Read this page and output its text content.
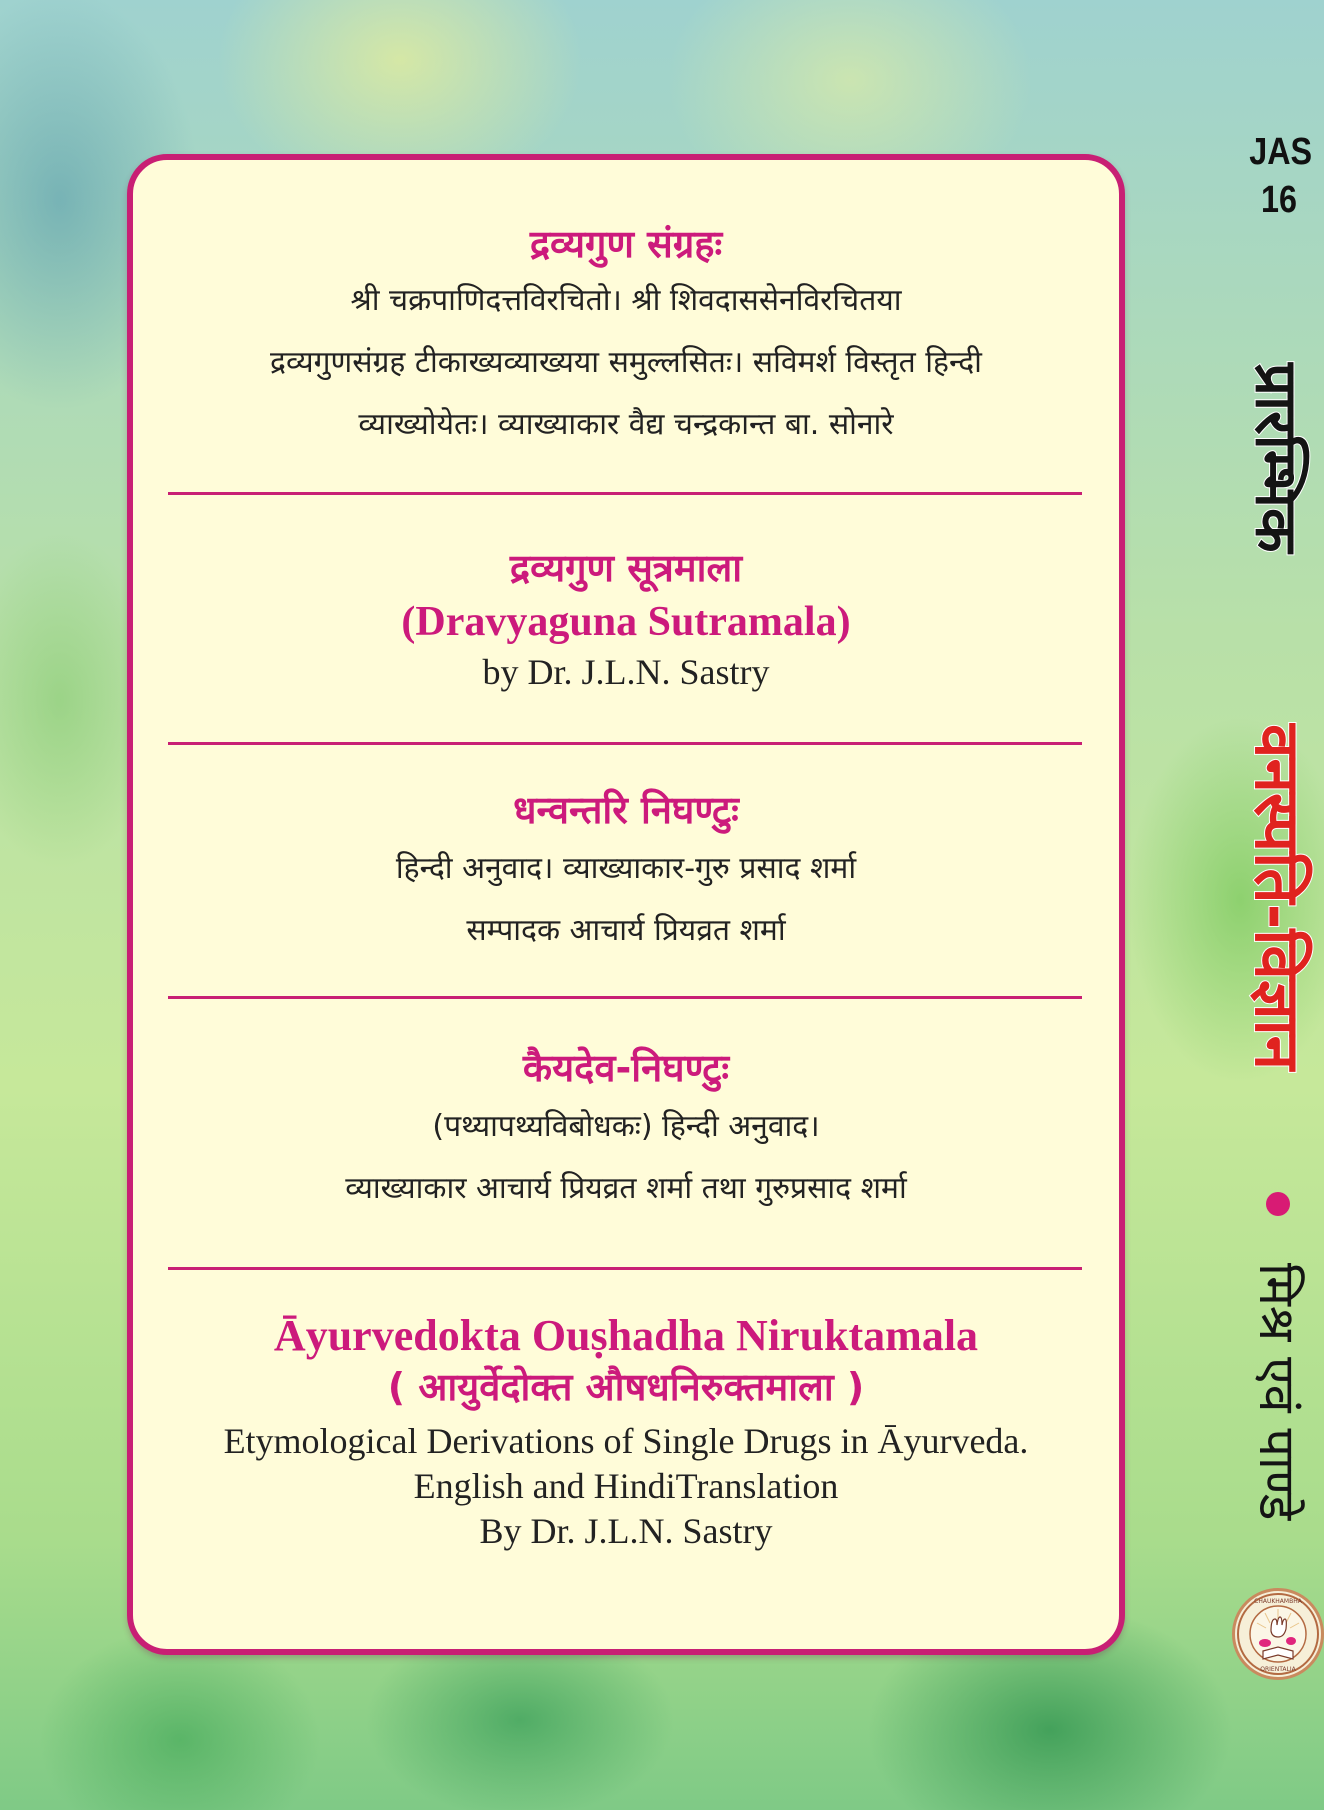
JAS
16
द्रव्यगुण संग्रहः
श्री चक्रपाणिदत्तविरचितो। श्री शिवदाससेनविरचितया
द्रव्यगुणसंग्रह टीकाख्यव्याख्यया समुल्लसितः। सविमर्श विस्तृत हिन्दी
व्याख्योयेतः। व्याख्याकार वैद्य चन्द्रकान्त बा. सोनारे
द्रव्यगुण सूत्रमाला
(Dravyaguna Sutramala)
by Dr. J.L.N. Sastry
धन्वन्तरि निघण्टुः
हिन्दी अनुवाद। व्याख्याकार-गुरु प्रसाद शर्मा
सम्पादक आचार्य प्रियव्रत शर्मा
कैयदेव-निघण्टुः
(पथ्यापथ्यविबोधकः) हिन्दी अनुवाद।
व्याख्याकार आचार्य प्रियव्रत शर्मा तथा गुरुप्रसाद शर्मा
Āyurvedokta Ouṣhadha Niruktamala
( आयुर्वेदोक्त औषधनिरुक्तमाला )
Etymological Derivations of Single Drugs in Āyurveda.
English and HindiTranslation
By Dr. J.L.N. Sastry
प्रारम्भिक
वनस्पति-विज्ञान
मिश्र एवं पाण्डे
CHAUKHAMBHA
ORIENTALIA
